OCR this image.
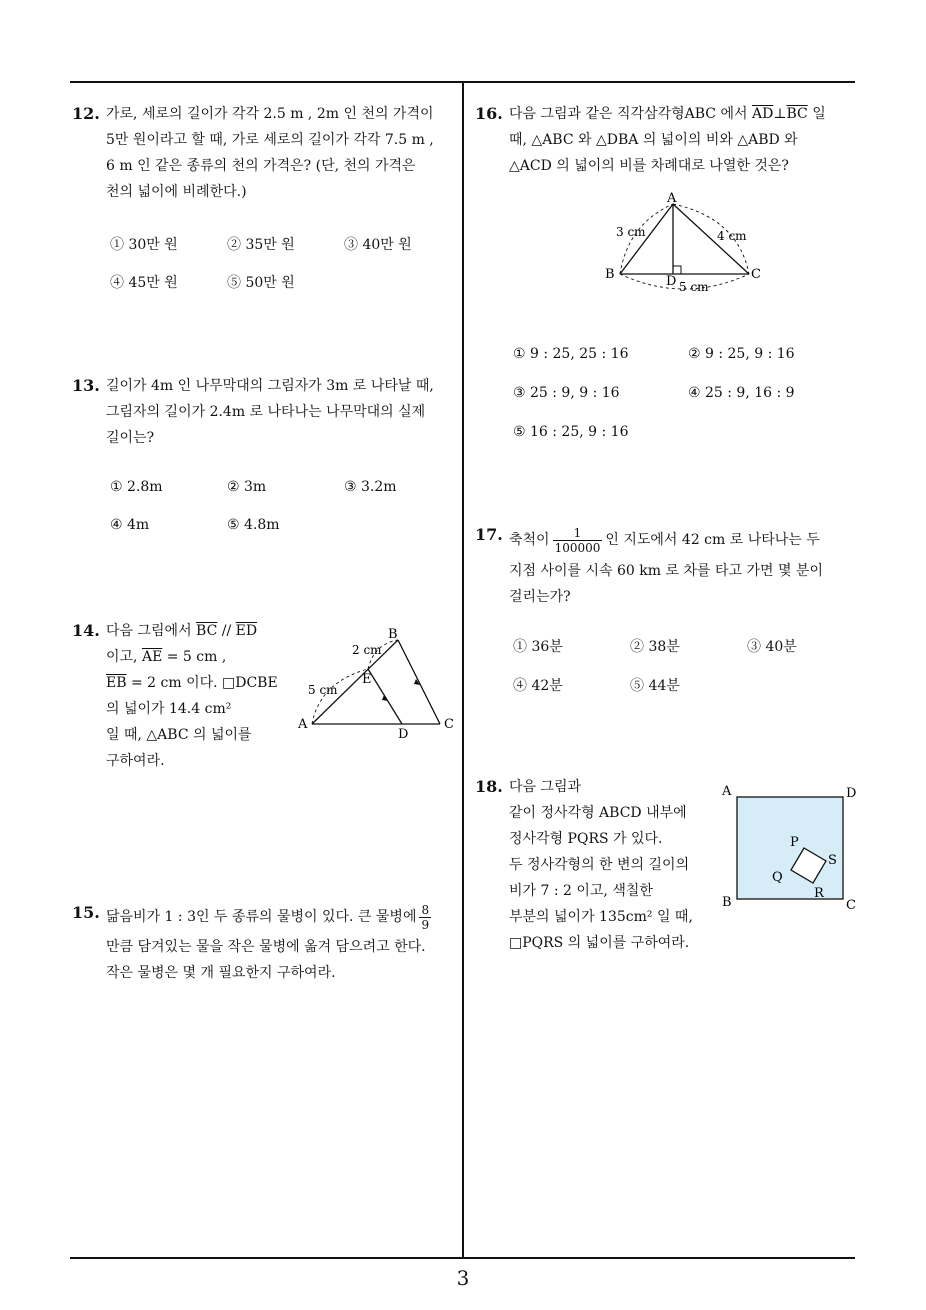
12. 가로, 세로의 길이가 각각 2.5 m , 2m 인 천의 가격이
5만 원이라고 할 때, 가로 세로의 길이가 각각 7.5 m ,
6 m 인 같은 종류의 천의 가격은? (단, 천의 가격은
천의 넓이에 비례한다.)
① 30만 원	② 35만 원	③ 40만 원
④ 45만 원	⑤ 50만 원
13. 길이가 4m 인 나무막대의 그림자가 3m 로 나타날 때,
그림자의 길이가 2.4m 로 나타나는 나무막대의 실제
길이는?
① 2.8m	② 3m	③ 3.2m
④ 4m	⑤ 4.8m
14. 다음 그림에서 $\overline{BC} // \overline{ED}$
이고, $\overline{AE} = 5$ cm ,
$\overline{EB} = 2$ cm 이다. □DCBE
의 넓이가 14.4 cm²
일 때, △ABC 의 넓이를
구하여라.
A
B
C
D
E
2 cm
5 cm
15. 닮음비가 1 : 3인 두 종류의 물병이 있다. 큰 물병에 $\frac{8}{9}$
만큼 담겨있는 물을 작은 물병에 옮겨 담으려고 한다.
작은 물병은 몇 개 필요한지 구하여라.
16. 다음 그림과 같은 직각삼각형ABC 에서 $\overline{AD}\perp\overline{BC}$ 일
때, △ABC 와 △DBA 의 넓이의 비와 △ABD 와
△ACD 의 넓이의 비를 차례대로 나열한 것은?
A
B	C
D
3 cm	4 cm
5 cm
① 9 : 25, 25 : 16	② 9 : 25, 9 : 16
③ 25 : 9, 9 : 16	④ 25 : 9, 16 : 9
⑤ 16 : 25, 9 : 16
17. 축척이 $\frac{1}{100000}$ 인 지도에서 42 cm 로 나타나는 두
지점 사이를 시속 60 km 로 차를 타고 가면 몇 분이
걸리는가?
① 36분	② 38분	③ 40분
④ 42분	⑤ 44분
18. 다음 그림과
같이 정사각형 ABCD 내부에
정사각형 PQRS 가 있다.
두 정사각형의 한 변의 길이의
비가 7 : 2 이고, 색칠한
부분의 넓이가 135cm² 일 때,
□PQRS 의 넓이를 구하여라.
A	D
B	C
P
S
Q
R
3
